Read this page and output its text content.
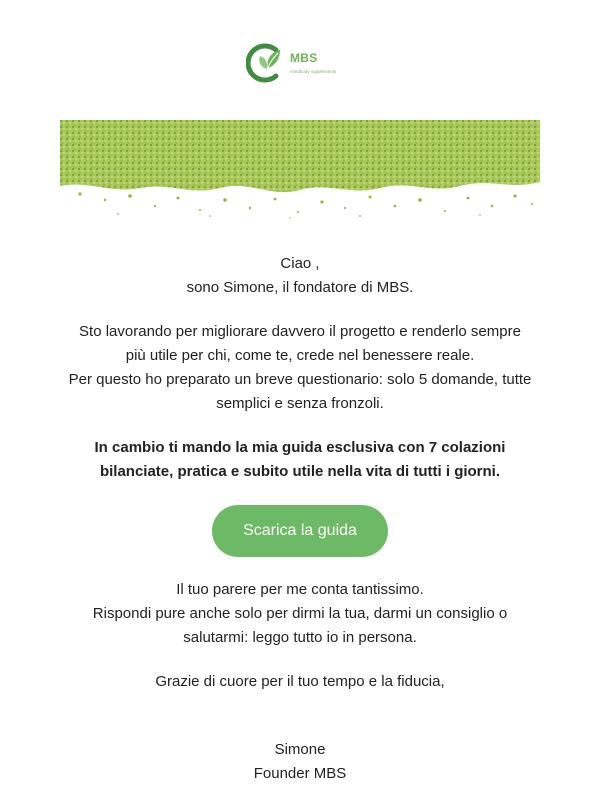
MBS
mindbody supplements

Ciao ,

sono Simone, il fondatore di MBS.

Sto lavorando per migliorare davvero il progetto e renderlo sempre

più utile per chi, come te, crede nel benessere reale.

Per questo ho preparato un breve questionario: solo 5 domande, tutte

semplici e senza fronzoli.

In cambio ti mando la mia guida esclusiva con 7 colazioni

bilanciate, pratica e subito utile nella vita di tutti i giorni.

Scarica la guida

Il tuo parere per me conta tantissimo.

Rispondi pure anche solo per dirmi la tua, darmi un consiglio o

salutarmi: leggo tutto io in persona.

Grazie di cuore per il tuo tempo e la fiducia,

Simone

Founder MBS
